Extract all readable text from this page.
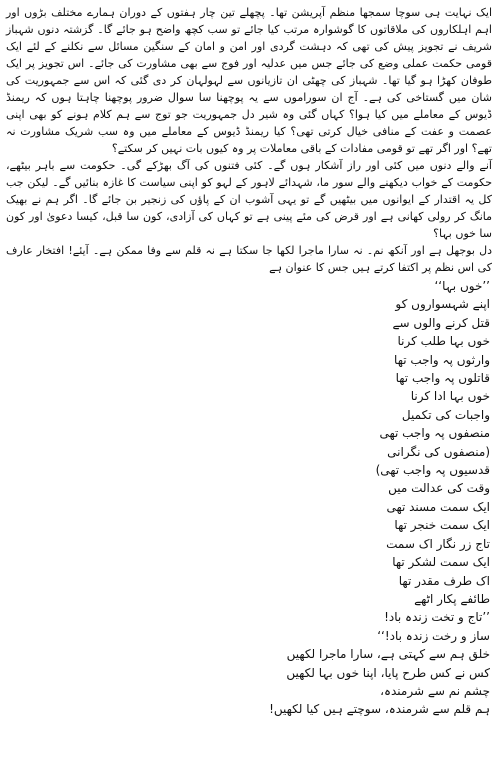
ایک نہایت ہی سوچا سمجھا منظم آپریشن تھا۔ پچھلے تین چار ہفتوں کے دوران ہمارے مختلف بڑوں اور اہم اہلکاروں کی ملاقاتوں کا گوشوارہ مرتب کیا جائے تو سب کچھ واضح ہو جائے گا۔ گزشتہ دنوں شہباز شریف نے تجویز پیش کی تھی کہ دہشت گردی اور امن و امان کے سنگین مسائل سے نکلنے کے لئے ایک قومی حکمت عملی وضع کی جائے جس میں عدلیہ اور فوج سے بھی مشاورت کی جائے۔ اس تجویز پر ایک طوفان کھڑا ہو گیا تھا۔ شہباز کی چھٹی ان تازیانوں سے لہولہان کر دی گئی کہ اس سے جمہوریت کی شان میں گستاخی کی ہے۔ آج ان سوراموں سے یہ پوچھنا سا سوال ضرور پوچھنا چاہتا ہوں کہ ریمنڈ ڈیوس کے معاملے میں کیا ہوا؟ کہاں گئی وہ شیر دل جمہوریت جو توج سے ہم کلام ہونے کو بھی اپنی عصمت و عفت کے منافی خیال کرتی تھی؟ کیا ریمنڈ ڈیوس کے معاملے میں وہ سب شریک مشاورت نہ تھے؟ اور اگر تھے تو قومی مفادات کے باقی معاملات پر وہ کیوں بات نہیں کر سکتے؟

آنے والے دنوں میں کئی اور راز آشکار ہوں گے۔ کئی فتنوں کی آگ بھڑکے گی۔ حکومت سے باہر بیٹھے، حکومت کے خواب دیکھنے والے سور ما، شہدائے لاہور کے لہو کو اپنی سیاست کا غازہ بنائیں گے۔ لیکن جب کل یہ اقتدار کے ایوانوں میں بیٹھیں گے تو یہی آشوب ان کے پاؤں کی زنجیر بن جائے گا۔ اگر ہم نے بھیک مانگ کر رولی کھانی ہے اور قرض کی مئے پینی ہے تو کہاں کی آزادی، کون سا قبل، کیسا دعویٰ اور کون سا خوں بہا؟

دل بوجھل ہے اور آنکھ نم۔ نہ سارا ماجرا لکھا جا سکتا ہے نہ قلم سے وفا ممکن ہے۔ آیئے! افتخار عارف کی اس نظم پر اکتفا کرتے ہیں جس کا عنوان ہے

’’خوں بہا‘‘
اپنے شہسواروں کو
قتل کرنے والوں سے
خوں بہا طلب کرنا
وارثوں پہ واجب تھا
قاتلوں پہ واجب تھا
خوں بہا ادا کرنا
واجبات کی تکمیل
منصفوں پہ واجب تھی
(منصفوں کی نگرانی
قدسیوں پہ واجب تھی)
وقت کی عدالت میں
ایک سمت مسند تھی
ایک سمت خنجر تھا
تاج زر نگار اک سمت
ایک سمت لشکر تھا
اک طرف مقدر تھا
طائفے پکار اٹھے
’’تاج و تخت زندہ باد!
ساز و رخت زندہ باد!‘‘
خلق ہم سے کہتی ہے، سارا ماجرا لکھیں
کس نے کس طرح پایا، اپنا خوں بہا لکھیں
چشم نم سے شرمندہ،
ہم قلم سے شرمندہ، سوچتے ہیں کیا لکھیں!
